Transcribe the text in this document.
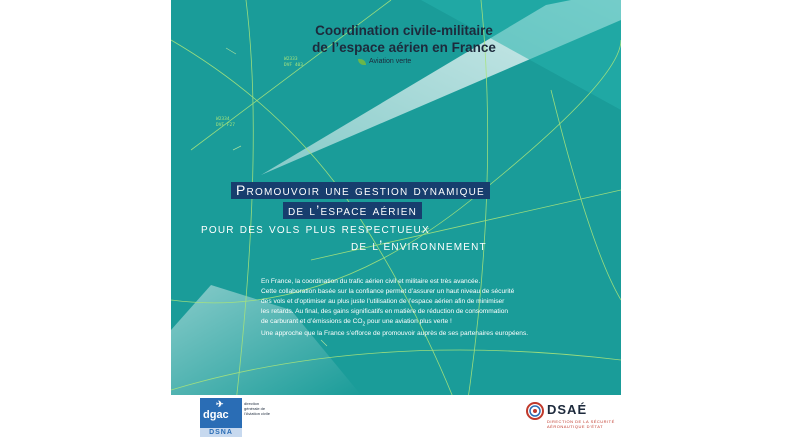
Coordination civile-militaire
de l’espace aérien en France
Aviation verte
W2333
DVF 403
W2334
DVF F27
Promouvoir une gestion dynamique
de l’espace aérien
pour des vols plus respectueux
de l’environnement
En France, la coordination du trafic aérien civil et militaire est très avancée.
Cette collaboration basée sur la confiance permet d’assurer un haut niveau de sécurité
des vols et d’optimiser au plus juste l’utilisation de l’espace aérien afin de minimiser
les retards. Au final, des gains significatifs en matière de réduction de consommation
de carburant et d’émissions de $CO_2$ pour une aviation plus verte !
Une approche que la France s’efforce de promouvoir auprès de ses partenaires européens.
✈
dgac
direction générale de l’Aviation civile
DSNA
DSAÉ
DIRECTION DE LA SÉCURITÉ AÉRONAUTIQUE D’ÉTAT
